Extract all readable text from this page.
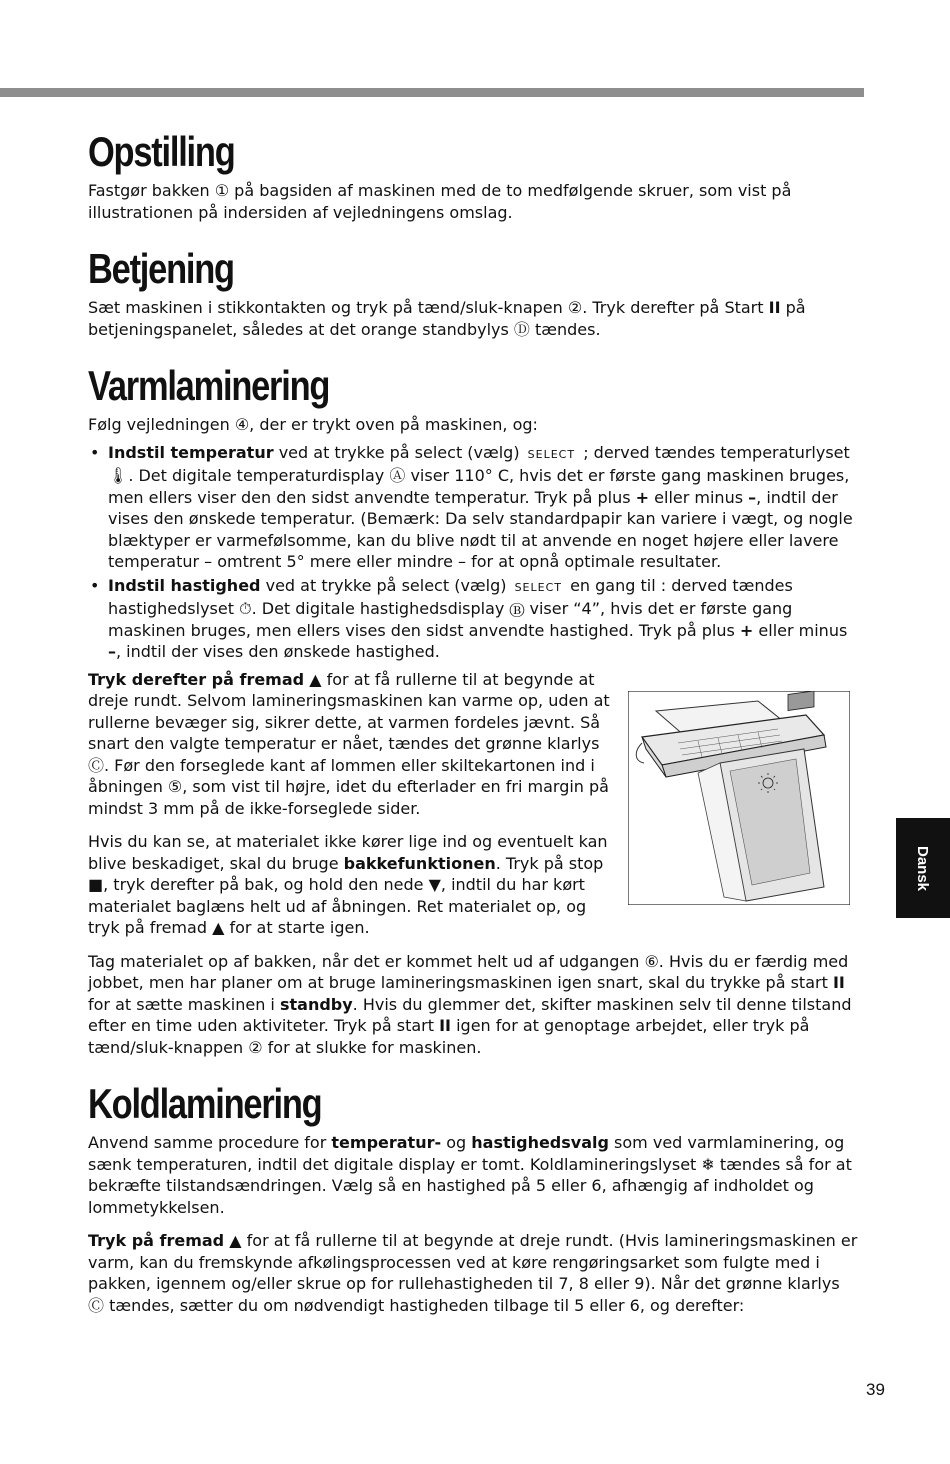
Opstilling

Fastgør bakken ① på bagsiden af maskinen med de to medfølgende skruer, som vist på illustrationen på indersiden af vejledningens omslag.

Betjening

Sæt maskinen i stikkontakten og tryk på tænd/sluk-knapen ②. Tryk derefter på Start II på betjeningspanelet, således at det orange standbylys Ⓓ tændes.

Varmlaminering

Følg vejledningen ④, der er trykt oven på maskinen, og:

• Indstil temperatur ved at trykke på select (vælg) SELECT ; derved tændes temperaturlyset 🌡. Det digitale temperaturdisplay Ⓐ viser 110° C, hvis det er første gang maskinen bruges, men ellers viser den den sidst anvendte temperatur. Tryk på plus + eller minus –, indtil der vises den ønskede temperatur. (Bemærk: Da selv standardpapir kan variere i vægt, og nogle blæktyper er varmefølsomme, kan du blive nødt til at anvende en noget højere eller lavere temperatur – omtrent 5° mere eller mindre – for at opnå optimale resultater.
• Indstil hastighed ved at trykke på select (vælg) SELECT en gang til : derved tændes hastighedslyset ⏱. Det digitale hastighedsdisplay Ⓑ viser “4”, hvis det er første gang maskinen bruges, men ellers vises den sidst anvendte hastighed. Tryk på plus + eller minus –, indtil der vises den ønskede hastighed.

Tryk derefter på fremad ▲ for at få rullerne til at begynde at dreje rundt. Selvom lamineringsmaskinen kan varme op, uden at rullerne bevæger sig, sikrer dette, at varmen fordeles jævnt. Så snart den valgte temperatur er nået, tændes det grønne klarlys Ⓒ. Før den forseglede kant af lommen eller skiltekartonen ind i åbningen ⑤, som vist til højre, idet du efterlader en fri margin på mindst 3 mm på de ikke-forseglede sider.

Hvis du kan se, at materialet ikke kører lige ind og eventuelt kan blive beskadiget, skal du bruge bakkefunktionen. Tryk på stop ■, tryk derefter på bak, og hold den nede ▼, indtil du har kørt materialet baglæns helt ud af åbningen. Ret materialet op, og tryk på fremad ▲ for at starte igen.

Tag materialet op af bakken, når det er kommet helt ud af udgangen ⑥. Hvis du er færdig med jobbet, men har planer om at bruge lamineringsmaskinen igen snart, skal du trykke på start II for at sætte maskinen i standby. Hvis du glemmer det, skifter maskinen selv til denne tilstand efter en time uden aktiviteter. Tryk på start II igen for at genoptage arbejdet, eller tryk på tænd/sluk-knappen ② for at slukke for maskinen.

Koldlaminering

Anvend samme procedure for temperatur- og hastighedsvalg som ved varmlaminering, og sænk temperaturen, indtil det digitale display er tomt. Koldlamineringslyset ❄ tændes så for at bekræfte tilstandsændringen. Vælg så en hastighed på 5 eller 6, afhængig af indholdet og lommetykkelsen.

Tryk på fremad ▲ for at få rullerne til at begynde at dreje rundt. (Hvis lamineringsmaskinen er varm, kan du fremskynde afkølingsprocessen ved at køre rengøringsarket som fulgte med i pakken, igennem og/eller skrue op for rullehastigheden til 7, 8 eller 9). Når det grønne klarlys Ⓒ tændes, sætter du om nødvendigt hastigheden tilbage til 5 eller 6, og derefter:

Dansk
39
